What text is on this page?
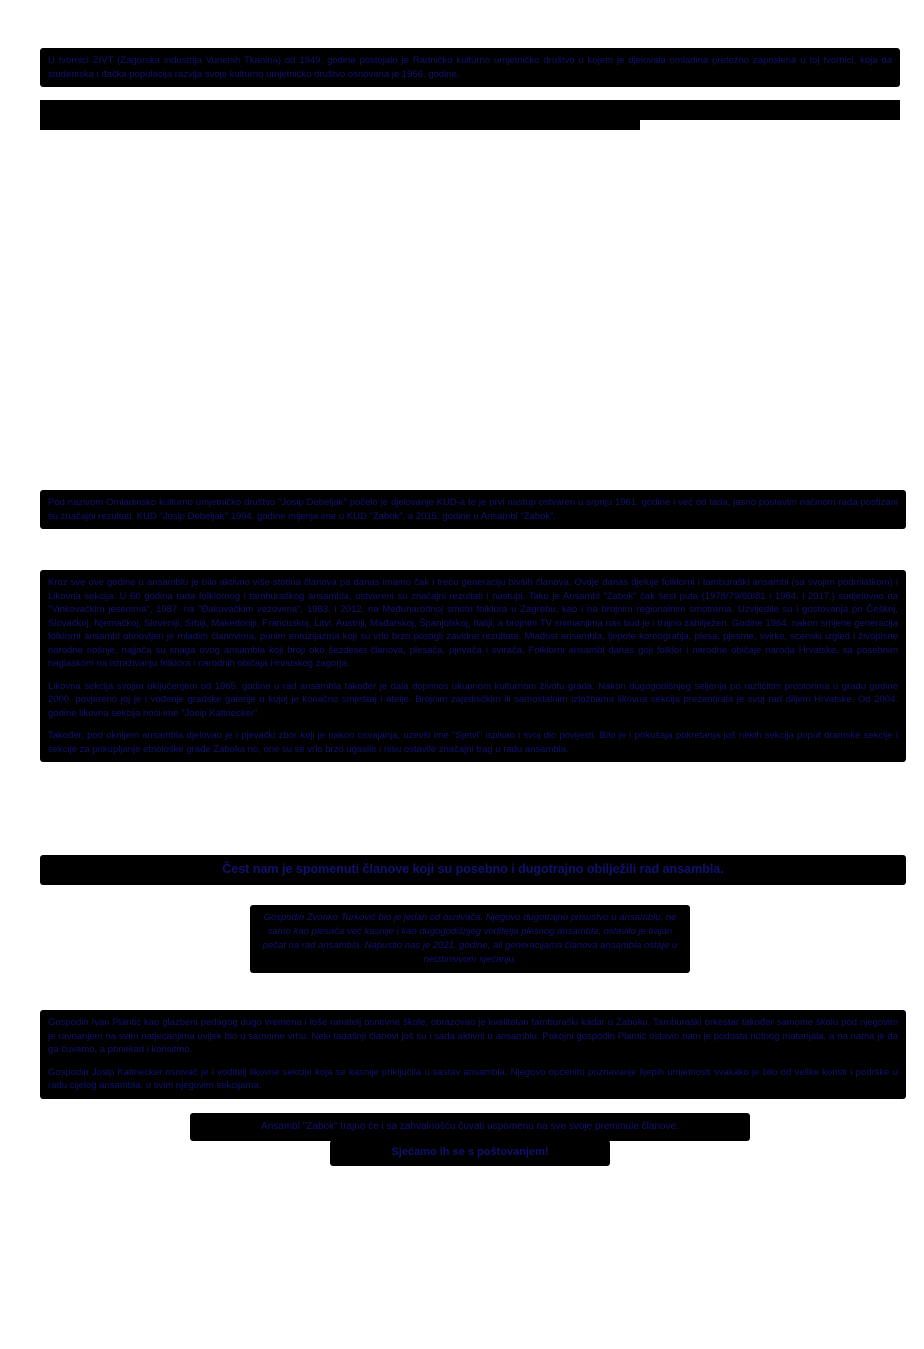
U tvornici ZIVT (Zagorska industrija Vunenih Tkanina) od 1949. godine postojalo je Radničko kulturno umjetničko društvo u kojem je djelovala omladina pretežno zaposlena u toj tvornici, koja da studentska i đačka populacija razvija svoje kulturno umjetničko društvo osnovana je 1956. godine.
Pod nazivom Omladinsko kulturno umjetničko društvo "Josip Debeljak" počelo je djelovanje KUD-a te je prvi nastup ostvaren u srpnju 1961. godine i već od tada, jasno postavim načinom rada postizani su značajni rezultati. KUD "Josip Debeljak" 1994. godine mijenja ime u KUD "Zabok", a 2015. godine u Ansambl "Zabok".

Kroz sve ove godine u ansamblu je bilo aktivno više stotina članova pa danas imamo čak i treću generaciju bivših članova. Ovdje danas djeluje folklorni i tamburaški ansambl (sa svojim podmlatkom) i Likovna sekcija. U 60 godina rada folklornog i tamburaškog ansambla, ostvareni su značajni rezultati i nastupi. Tako je Ansambl "Zabok" čak šest puta (1978/79/80/81 i 1984. i 2017.) sudjelovao na "Vinkovačkim jesenima", 1987. na "Đakovačkim vezovima", 1983. i 2012. na Međunarodnoj smotri folklora u Zagrebu, kao i na brojnim regionalnim smotrama. Uzvijedile su i gostovanja po Češkoj, Slovačkoj, Njemačkoj, Sloveniji, Srbiji, Makedoniji, Francuskoj, Litvi, Austriji, Mađarskoj, Španjolskoj, Italiji, a brojnim TV snimanjima nas bud je i trajno zabilježen. Godine 1964. nakon smjene generacija folklorni ansambl obnovljen je mladim članovima, punim entuzijazma koji su vrlo brzo postigli zavidne rezultate. Mladost ansambla, ljepote koreografija, plesa, pjesme, svirke, scenski izgled i živopisne narodne nošnje, najjača su snaga ovog ansambla koji broji oko šezdeset članova, plesača, pjevača i svirača. Folklorni ansambl danas goji folklor i narodne običaje naroda Hrvatske, sa posebnim naglaskom na istraživanju folklora i narodnih običaja Hrvatskog zagorja.

Likovna sekcija svojim uključenjem od 1965. godine u rad ansambla također je dala doprinos ukupnom kulturnom životu grada. Nakon dugogodišnjeg seljenja po različitim prostorima u gradu godine 2000. povjereno joj je i vođenje gradske galerije u kojoj je konačno smještaj i atelje. Brojnim zajedničkim ili samostalnim izložbama likovna sekcija prezentirala je svoj rad diljem Hrvatske. Od 2004. godine likovna sekcija nosi ime "Josip Kaltnecker".

Također, pod okriljem ansambla djelovao je i pjevački zbor koji je nakon osvajanja, uzevši ime "Sjetvi" ispisao i svoj dio povijesti. Bilo je i pokušaja pokretanja još nekih sekcija poput dramske sekcije i sekcije za prikupljanje etnološke građe Zaboka no, one su se vrlo brzo ugasile i nisu ostavile značajni trag u radu ansambla.

Čest nam je spomenuti članove koji su posebno i dugotrajno obilježili rad ansambla.
Gospodin Zvonko Turković bio je jedan od osnivača. Njegovo dugotrajno prisustvo u ansamblu, ne samo kao plesača već kasnije i kao dugogodišnjeg voditelja plesnog ansambla, ostavilo je trajan pečat na rad ansambla. Napustio nas je 2021. godine, ali generacijama članova ansambla ostaje u neizbrisivom sjećanju.

Gospodin Ivan Plantić kao glazbeni pedagog dugo vremena i loše ranatelj osnovne škole, obrazovao je kvalitetan tamburaški kadar u Zaboku. Tamburaški orkestar također samome školu pod njegovim je ravnanjem na svim natjecanjima uvijek bio u samome vrhu. Neki tadašnji članovi još su i sada aktivni u ansamblu. Pokojni gospodin Plantić ostavio nam je podosta notnog materijala, a na nama je da ga čuvamo, a ponekad i korisitmo.

Gospodin Josip Kaltnecker osnivač je i voditelj likovne sekcije koja se kasnije priključila u sastav ansambla. Njegovo općenito poznavanje lijepih umjetnosti svakako je bilo od velike koristi i podrške u radu cijelog ansambla, u svim njegovim sekcijama.

Ansambl "Zabok" trajno će i sa zahvalnošću čuvati uspomenu na sve svoje preminule članove.
Sjećamo ih se s poštovanjem!
